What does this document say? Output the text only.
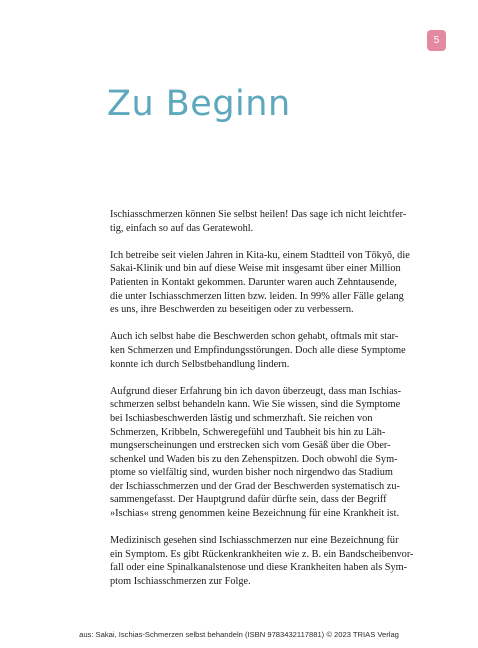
5
Zu Beginn

Ischiasschmerzen können Sie selbst heilen! Das sage ich nicht leichtfer-
tig, einfach so auf das Geratewohl.

Ich betreibe seit vielen Jahren in Kita-ku, einem Stadtteil von Tōkyō, die
Sakai-Klinik und bin auf diese Weise mit insgesamt über einer Million
Patienten in Kontakt gekommen. Darunter waren auch Zehntausende,
die unter Ischiasschmerzen litten bzw. leiden. In 99% aller Fälle gelang
es uns, ihre Beschwerden zu beseitigen oder zu verbessern.

Auch ich selbst habe die Beschwerden schon gehabt, oftmals mit star-
ken Schmerzen und Empfindungsstörungen. Doch alle diese Symptome
konnte ich durch Selbstbehandlung lindern.

Aufgrund dieser Erfahrung bin ich davon überzeugt, dass man Ischias-
schmerzen selbst behandeln kann. Wie Sie wissen, sind die Symptome
bei Ischiasbeschwerden lästig und schmerzhaft. Sie reichen von
Schmerzen, Kribbeln, Schweregefühl und Taubheit bis hin zu Läh-
mungserscheinungen und erstrecken sich vom Gesäß über die Ober-
schenkel und Waden bis zu den Zehenspitzen. Doch obwohl die Sym-
ptome so vielfältig sind, wurden bisher noch nirgendwo das Stadium
der Ischiasschmerzen und der Grad der Beschwerden systematisch zu-
sammengefasst. Der Hauptgrund dafür dürfte sein, dass der Begriff
»Ischias« streng genommen keine Bezeichnung für eine Krankheit ist.

Medizinisch gesehen sind Ischiasschmerzen nur eine Bezeichnung für
ein Symptom. Es gibt Rückenkrankheiten wie z. B. ein Bandscheibenvor-
fall oder eine Spinalkanalstenose und diese Krankheiten haben als Sym-
ptom Ischiasschmerzen zur Folge.

aus: Sakai, Ischias-Schmerzen selbst behandeln (ISBN 9783432117881) © 2023 TRIAS Verlag
